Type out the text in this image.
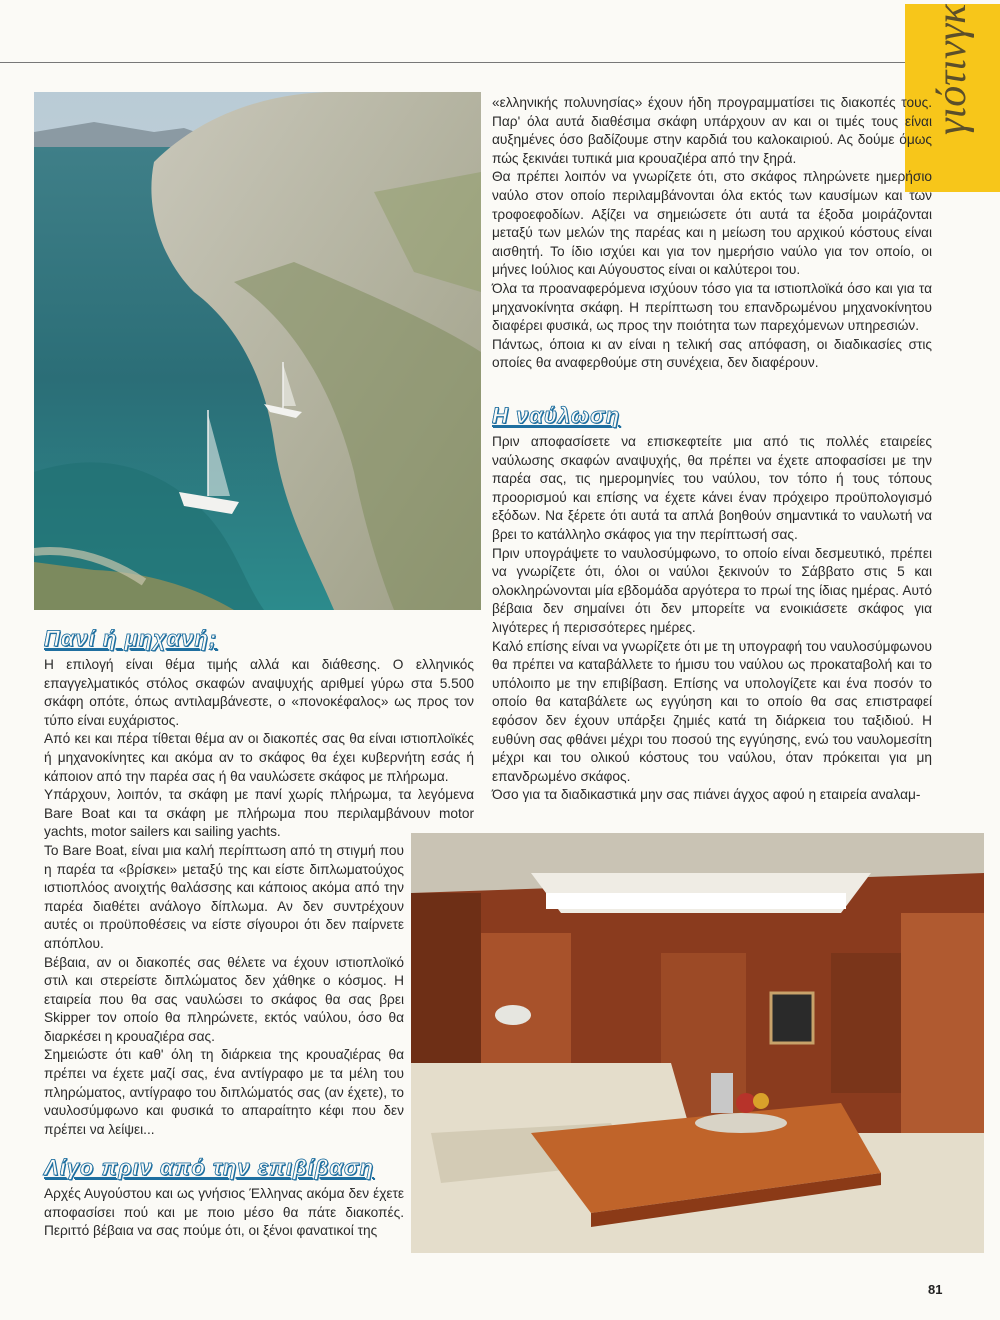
γιότινγκ

«ελληνικής πολυνησίας» έχουν ήδη προγραμματίσει τις διακοπές τους. Παρ' όλα αυτά διαθέσιμα σκάφη υπάρχουν αν και οι τιμές τους είναι αυξημένες όσο βαδίζουμε στην καρδιά του καλοκαιριού. Ας δούμε όμως πώς ξεκινάει τυπικά μια κρουαζιέρα από την ξηρά.

Θα πρέπει λοιπόν να γνωρίζετε ότι, στο σκάφος πληρώνετε ημερήσιο ναύλο στον οποίο περιλαμβάνονται όλα εκτός των καυσίμων και των τροφοεφοδίων. Αξίζει να σημειώσετε ότι αυτά τα έξοδα μοιράζονται μεταξύ των μελών της παρέας και η μείωση του αρχικού κόστους είναι αισθητή. Το ίδιο ισχύει και για τον ημερήσιο ναύλο για τον οποίο, οι μήνες Ιούλιος και Αύγουστος είναι οι καλύτεροι του.

Όλα τα προαναφερόμενα ισχύουν τόσο για τα ιστιοπλοϊκά όσο και για τα μηχανοκίνητα σκάφη. Η περίπτωση του επανδρωμένου μηχανοκίνητου διαφέρει φυσικά, ως προς την ποιότητα των παρεχόμενων υπηρεσιών.

Πάντως, όποια κι αν είναι η τελική σας απόφαση, οι διαδικασίες στις οποίες θα αναφερθούμε στη συνέχεια, δεν διαφέρουν.

Η ναύλωση

Πριν αποφασίσετε να επισκεφτείτε μια από τις πολλές εταιρείες ναύλωσης σκαφών αναψυχής, θα πρέπει να έχετε αποφασίσει με την παρέα σας, τις ημερομηνίες του ναύλου, τον τόπο ή τους τόπους προορισμού και επίσης να έχετε κάνει έναν πρόχειρο προϋπολογισμό εξόδων. Να ξέρετε ότι αυτά τα απλά βοηθούν σημαντικά το ναυλωτή να βρει το κατάλληλο σκάφος για την περίπτωσή σας.

Πριν υπογράψετε το ναυλοσύμφωνο, το οποίο είναι δεσμευτικό, πρέπει να γνωρίζετε ότι, όλοι οι ναύλοι ξεκινούν το Σάββατο στις 5 και ολοκληρώνονται μία εβδομάδα αργότερα το πρωί της ίδιας ημέρας. Αυτό βέβαια δεν σημαίνει ότι δεν μπορείτε να ενοικιάσετε σκάφος για λιγότερες ή περισσότερες ημέρες.

Καλό επίσης είναι να γνωρίζετε ότι με τη υπογραφή του ναυλοσύμφωνου θα πρέπει να καταβάλλετε το ήμισυ του ναύλου ως προκαταβολή και το υπόλοιπο με την επιβίβαση. Επίσης να υπολογίζετε και ένα ποσόν το οποίο θα καταβάλετε ως εγγύηση και το οποίο θα σας επιστραφεί εφόσον δεν έχουν υπάρξει ζημιές κατά τη διάρκεια του ταξιδιού. Η ευθύνη σας φθάνει μέχρι του ποσού της εγγύησης, ενώ του ναυλομεσίτη μέχρι και του ολικού κόστους του ναύλου, όταν πρόκειται για μη επανδρωμένο σκάφος.

Όσο για τα διαδικαστικά μην σας πιάνει άγχος αφού η εταιρεία αναλαμ-

Πανί ή μηχανή;

Η επιλογή είναι θέμα τιμής αλλά και διάθεσης. Ο ελληνικός επαγγελματικός στόλος σκαφών αναψυχής αριθμεί γύρω στα 5.500 σκάφη οπότε, όπως αντιλαμβάνεστε, ο «πονοκέφαλος» ως προς τον τύπο είναι ευχάριστος.

Από κει και πέρα τίθεται θέμα αν οι διακοπές σας θα είναι ιστιοπλοϊκές ή μηχανοκίνητες και ακόμα αν το σκάφος θα έχει κυβερνήτη εσάς ή κάποιον από την παρέα σας ή θα ναυλώσετε σκάφος με πλήρωμα.

Υπάρχουν, λοιπόν, τα σκάφη με πανί χωρίς πλήρωμα, τα λεγόμενα Bare Boat και τα σκάφη με πλήρωμα που περιλαμβάνουν motor yachts, motor sailers και sailing yachts.

Το Bare Boat, είναι μια καλή περίπτωση από τη στιγμή που η παρέα τα «βρίσκει» μεταξύ της και είστε διπλωματούχος ιστιοπλόος ανοιχτής θαλάσσης και κάποιος ακόμα από την παρέα διαθέτει ανάλογο δίπλωμα. Αν δεν συντρέχουν αυτές οι προϋποθέσεις να είστε σίγουροι ότι δεν παίρνετε απόπλου.

Βέβαια, αν οι διακοπές σας θέλετε να έχουν ιστιοπλοϊκό στιλ και στερείστε διπλώματος δεν χάθηκε ο κόσμος. Η εταιρεία που θα σας ναυλώσει το σκάφος θα σας βρει Skipper τον οποίο θα πληρώνετε, εκτός ναύλου, όσο θα διαρκέσει η κρουαζιέρα σας.

Σημειώστε ότι καθ' όλη τη διάρκεια της κρουαζιέρας θα πρέπει να έχετε μαζί σας, ένα αντίγραφο με τα μέλη του πληρώματος, αντίγραφο του διπλώματός σας (αν έχετε), το ναυλοσύμφωνο και φυσικά το απαραίτητο κέφι που δεν πρέπει να λείψει...

Λίγο πριν από την επιβίβαση

Αρχές Αυγούστου και ως γνήσιος Έλληνας ακόμα δεν έχετε αποφασίσει πού και με ποιο μέσο θα πάτε διακοπές. Περιττό βέβαια να σας πούμε ότι, οι ξένοι φανατικοί της

81
